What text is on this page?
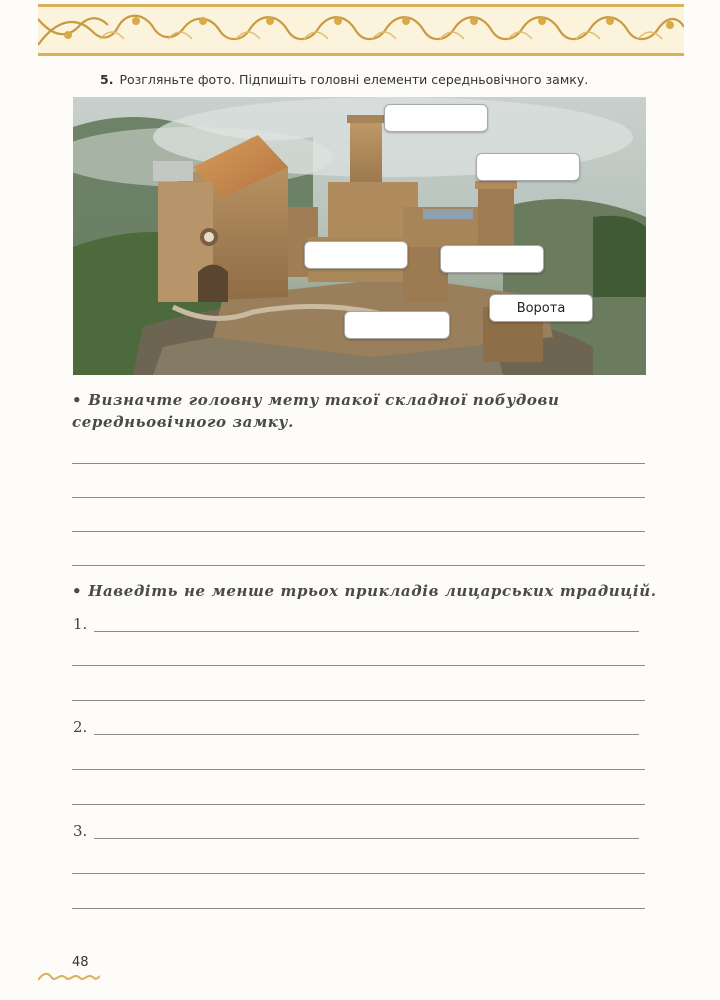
5. Розгляньте фото. Підпишіть головні елементи середньовічного замку.
Ворота
• Визначте головну мету такої складної побудови середньовічного замку.
• Наведіть не менше трьох прикладів лицарських традицій.
1.
2.
3.
48
